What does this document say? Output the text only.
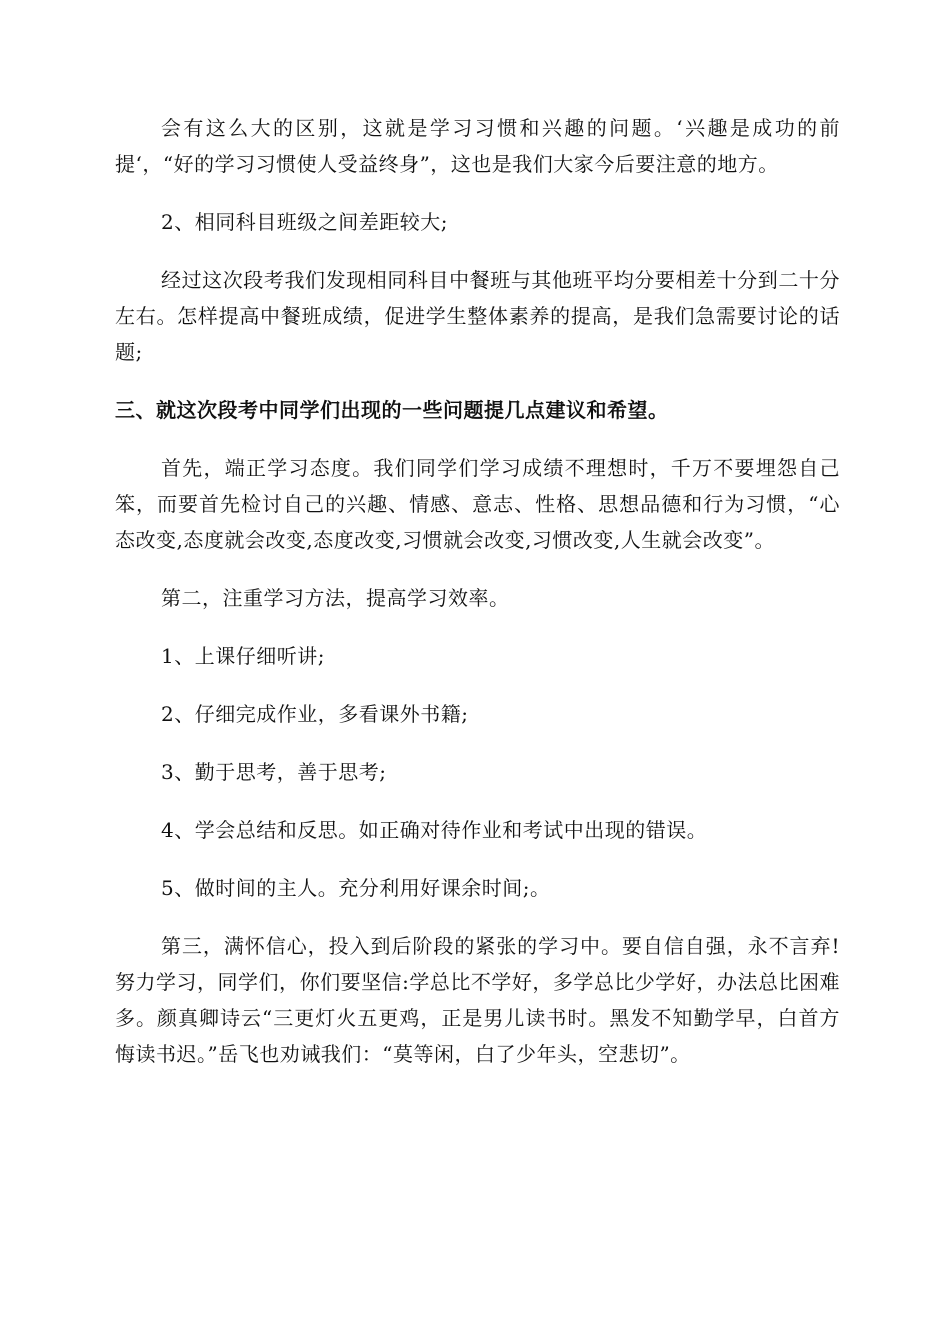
会有这么大的区别，这就是学习习惯和兴趣的问题。‘兴趣是成功的前提‘，“好的学习习惯使人受益终身”，这也是我们大家今后要注意的地方。

2、相同科目班级之间差距较大;

经过这次段考我们发现相同科目中餐班与其他班平均分要相差十分到二十分左右。怎样提高中餐班成绩，促进学生整体素养的提高，是我们急需要讨论的话题;

三、就这次段考中同学们出现的一些问题提几点建议和希望。

首先，端正学习态度。我们同学们学习成绩不理想时，千万不要埋怨自己笨，而要首先检讨自己的兴趣、情感、意志、性格、思想品德和行为习惯，“心态改变,态度就会改变,态度改变,习惯就会改变,习惯改变,人生就会改变”。

第二，注重学习方法，提高学习效率。

1、上课仔细听讲;

2、仔细完成作业，多看课外书籍;

3、勤于思考，善于思考;

4、学会总结和反思。如正确对待作业和考试中出现的错误。

5、做时间的主人。充分利用好课余时间;。

第三，满怀信心，投入到后阶段的紧张的学习中。要自信自强，永不言弃!努力学习，同学们，你们要坚信:学总比不学好，多学总比少学好，办法总比困难多。颜真卿诗云“三更灯火五更鸡，正是男儿读书时。黑发不知勤学早，白首方悔读书迟。”岳飞也劝诫我们：“莫等闲，白了少年头，空悲切”。
